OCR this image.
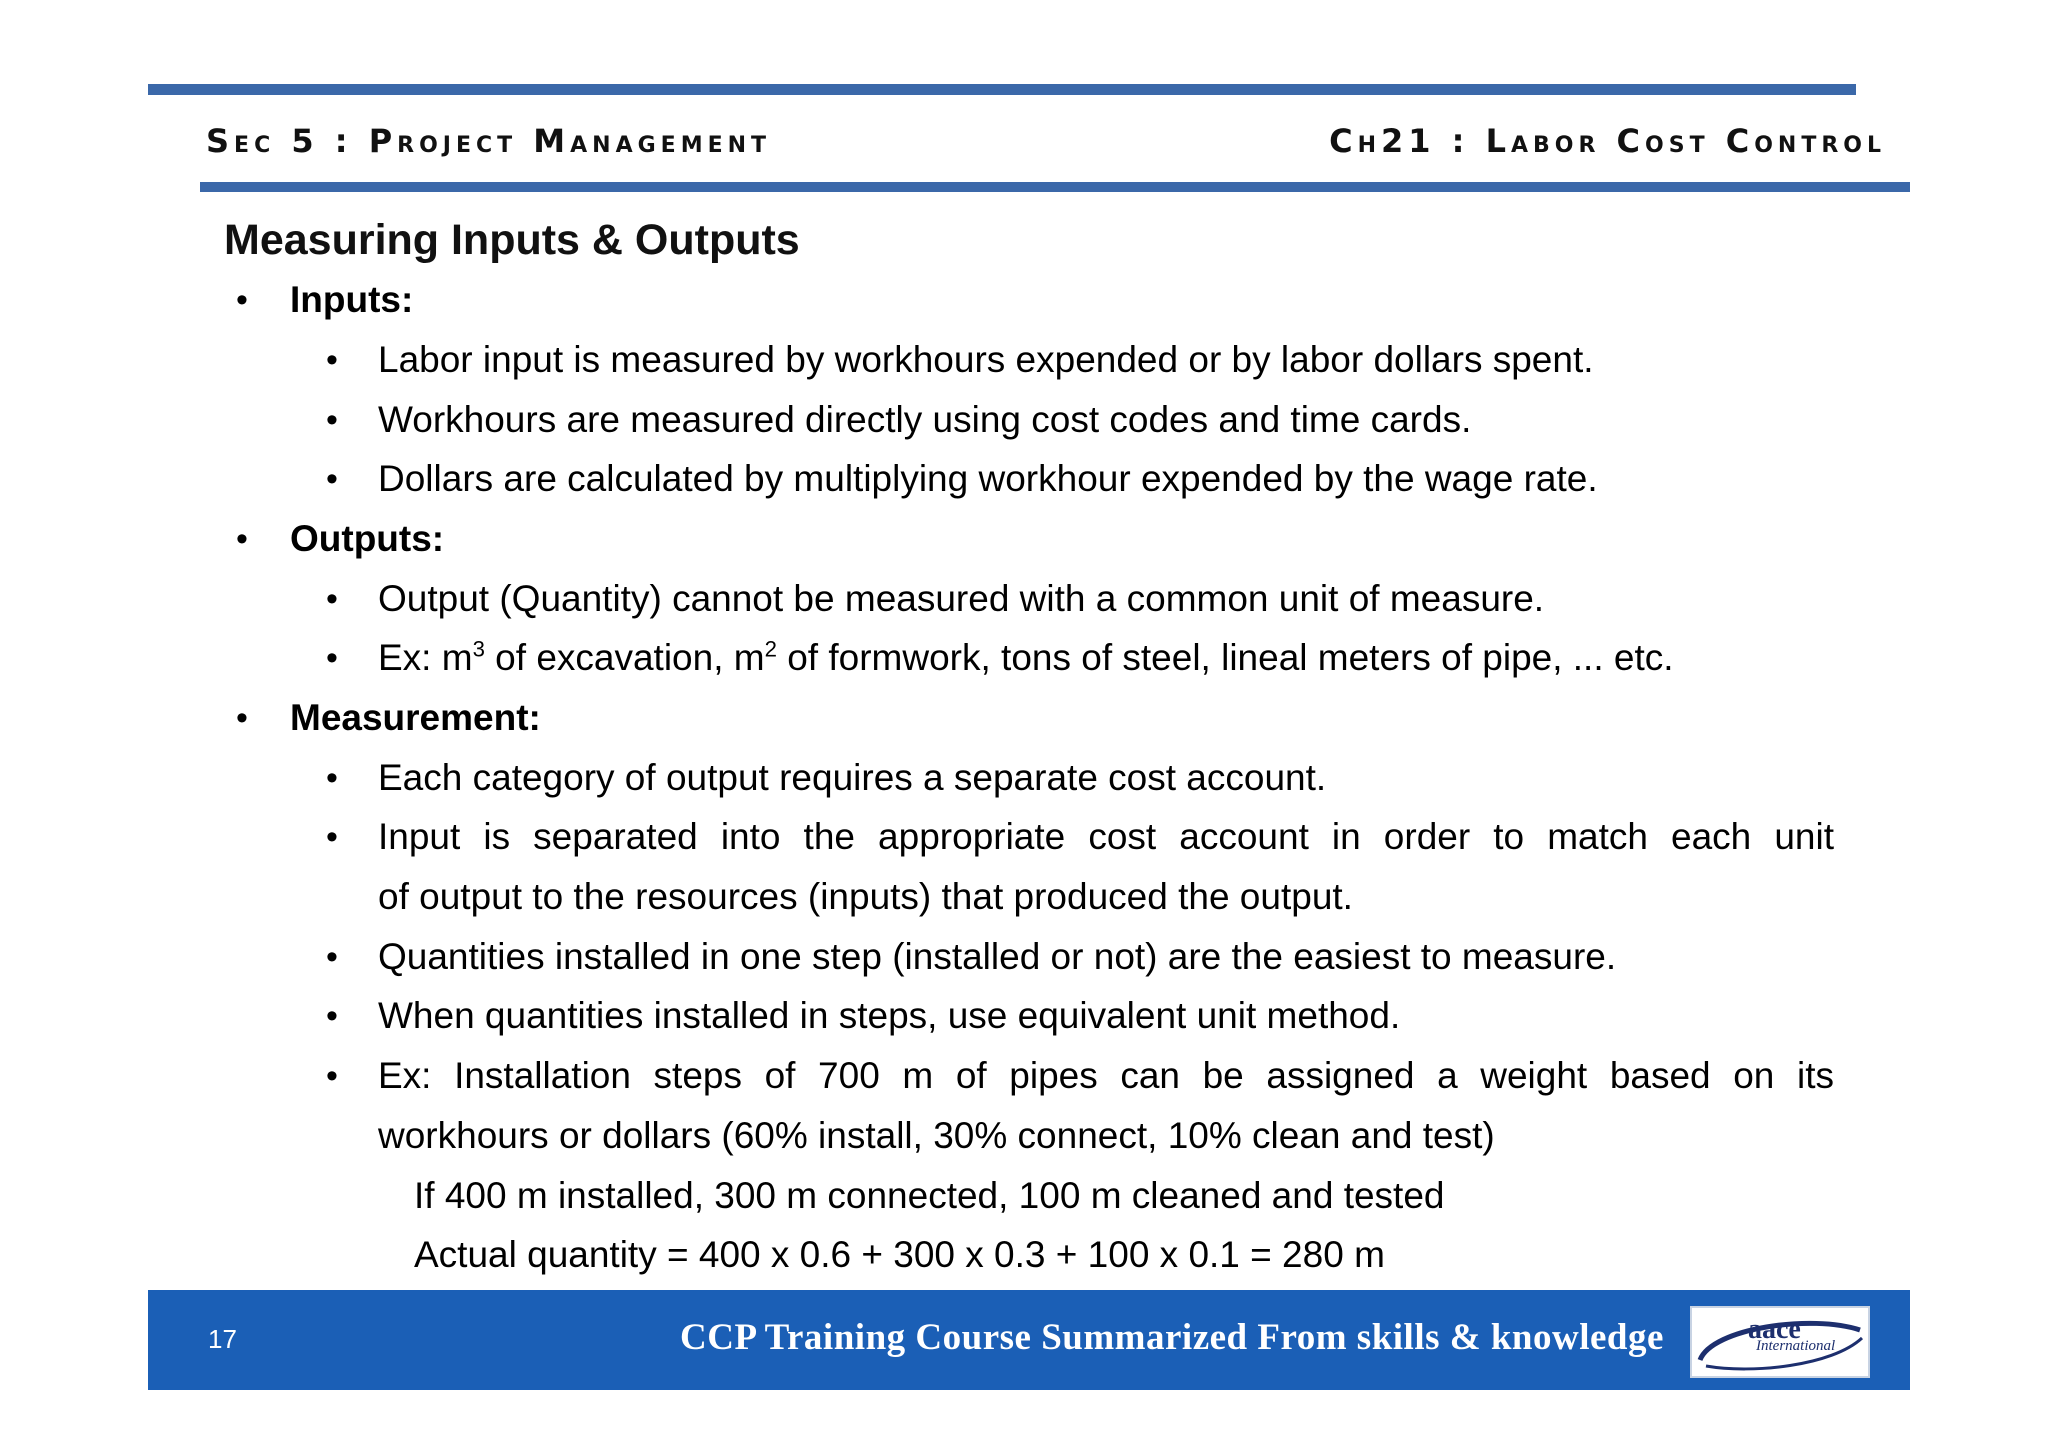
Sec 5 : Project Management	Ch21 : Labor Cost Control
Measuring Inputs & Outputs
• Inputs:
• Labor input is measured by workhours expended or by labor dollars spent.
• Workhours are measured directly using cost codes and time cards.
• Dollars are calculated by multiplying workhour expended by the wage rate.
• Outputs:
• Output (Quantity) cannot be measured with a common unit of measure.
• Ex: $m^3$ of excavation, $m^2$ of formwork, tons of steel, lineal meters of pipe, ... etc.
• Measurement:
• Each category of output requires a separate cost account.
• Input is separated into the appropriate cost account in order to match each unit
of output to the resources (inputs) that produced the output.
• Quantities installed in one step (installed or not) are the easiest to measure.
• When quantities installed in steps, use equivalent unit method.
• Ex: Installation steps of 700 m of pipes can be assigned a weight based on its
workhours or dollars (60% install, 30% connect, 10% clean and test)
If 400 m installed, 300 m connected, 100 m cleaned and tested
Actual quantity = 400 x 0.6 + 300 x 0.3 + 100 x 0.1 = 280 m
17	CCP Training Course Summarized From skills & knowledge	aace
International
